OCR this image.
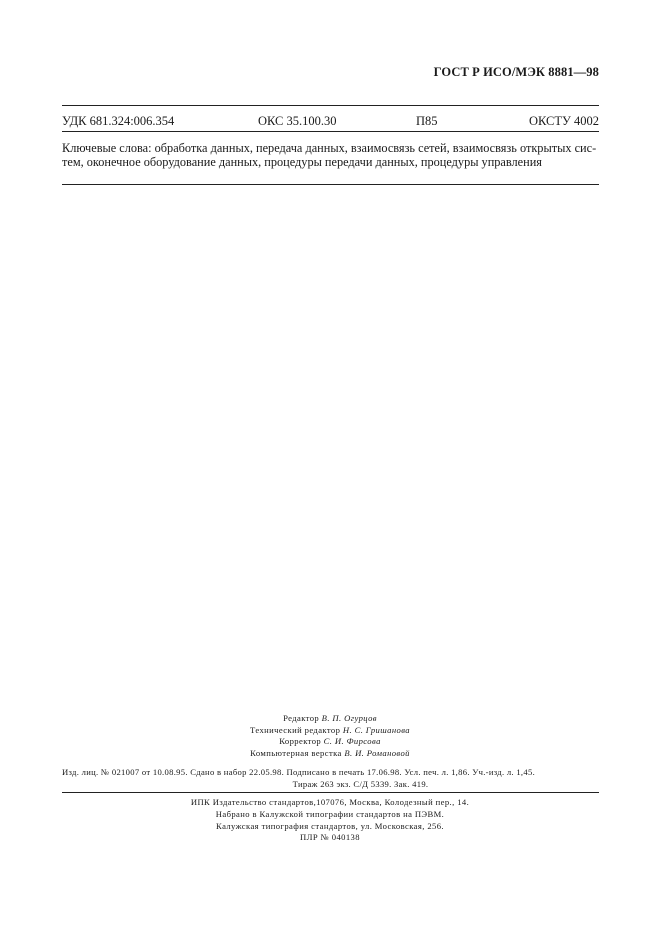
ГОСТ Р ИСО/МЭК 8881—98
УДК 681.324:006.354	ОКС 35.100.30	П85	ОКСТУ 4002
Ключевые слова: обработка данных, передача данных, взаимосвязь сетей, взаимосвязь открытых сис-
тем, оконечное оборудование данных, процедуры передачи данных, процедуры управления
Редактор В. П. Огурцов
Технический редактор Н. С. Гришанова
Корректор С. И. Фирсова
Компьютерная верстка В. И. Романовой
Изд. лиц. № 021007 от 10.08.95. Сдано в набор 22.05.98. Подписано в печать 17.06.98. Усл. печ. л. 1,86. Уч.-изд. л. 1,45.
Тираж 263 экз. С/Д 5339. Зак. 419.
ИПК Издательство стандартов,107076, Москва, Колодезный пер., 14.
Набрано в Калужской типографии стандартов на ПЭВМ.
Калужская типография стандартов, ул. Московская, 256.
ПЛР № 040138
